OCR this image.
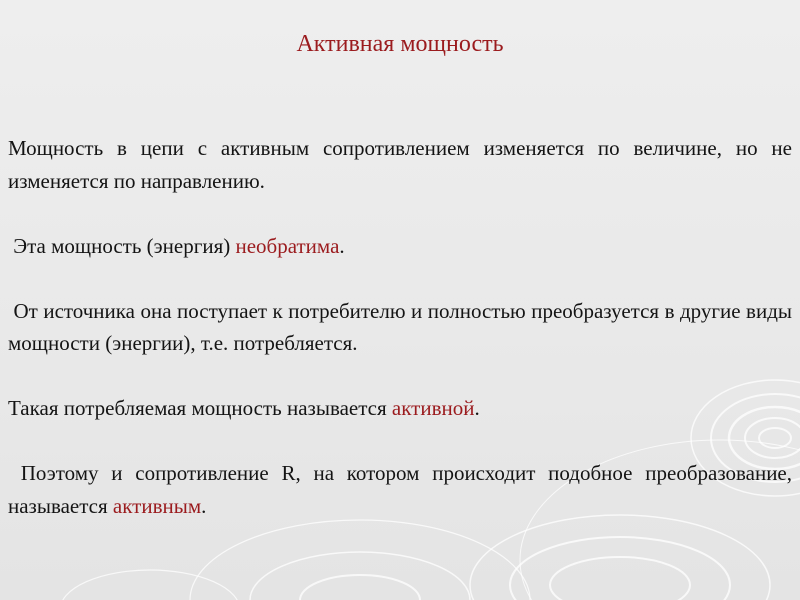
Активная мощность

Мощность в цепи с активным сопротивлением изменяется по величине, но не изменяется по направлению.

Эта мощность (энергия) необратима.

От источника она поступает к потребителю и полностью преобразуется в другие виды мощности (энергии), т.е. потребляется.

Такая потребляемая мощность называется активной.

Поэтому и сопротивление R, на котором происходит подобное преобразование, называется активным.
